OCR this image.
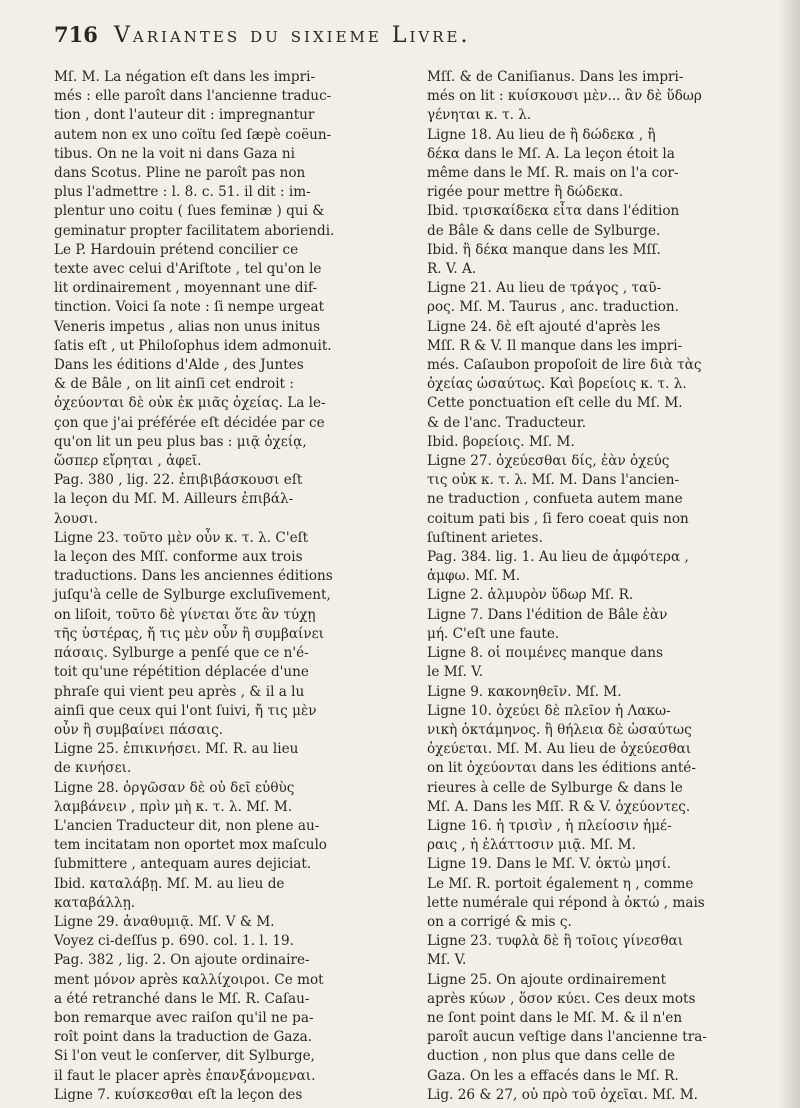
716 Variantes du sixieme Livre.

Mſ. M. La négation eſt dans les impri-

més : elle paroît dans l'ancienne traduc-

tion , dont l'auteur dit : impregnantur

autem non ex uno coïtu ſed ſæpè coëun-

tibus. On ne la voit ni dans Gaza ni

dans Scotus. Pline ne paroît pas non

plus l'admettre : l. 8. c. 51. il dit : im-

plentur uno coitu ( ſues feminæ ) qui &

geminatur propter facilitatem aboriendi.

Le P. Hardouin prétend concilier ce

texte avec celui d'Ariſtote , tel qu'on le

lit ordinairement , moyennant une dif-

tinction. Voici ſa note : ſi nempe urgeat

Veneris impetus , alias non unus initus

ſatis eſt , ut Philoſophus idem admonuit.

Dans les éditions d'Alde , des Juntes

& de Bâle , on lit ainſi cet endroit :

ὀχεύονται δὲ οὐκ ἐκ μιᾶς ὀχείας. La le-

çon que j'ai préférée eſt décidée par ce

qu'on lit un peu plus bas : μιᾷ ὀχείᾳ,

ὥσπερ εἴρηται , ἀφεῖ.

Pag. 380 , lig. 22. ἐπιβιβάσκουσι eſt

la leçon du Mſ. M. Ailleurs ἐπιβάλ-

λουσι.

Ligne 23. τοῦτο μὲν οὖν κ. τ. λ. C'eſt

la leçon des Mſſ. conforme aux trois

traductions. Dans les anciennes éditions

juſqu'à celle de Sylburge excluſivement,

on liſoit, τοῦτο δὲ γίνεται ὅτε ἂν τύχῃ

τῆς ὑστέρας, ἤ τις μὲν οὖν ἢ συμβαίνει

πάσαις. Sylburge a penſé que ce n'é-

toit qu'une répétition déplacée d'une

phraſe qui vient peu après , & il a lu

ainſi que ceux qui l'ont ſuivi, ἤ τις μὲν

οὖν ἢ συμβαίνει πάσαις.

Ligne 25. ἐπικινήσει. Mſ. R. au lieu

de κινήσει.

Ligne 28. ὀργῶσαν δὲ οὐ δεῖ εὐθὺς

λαμβάνειν , πρὶν μὴ κ. τ. λ. Mſ. M.

L'ancien Traducteur dit, non plene au-

tem incitatam non oportet mox maſculo

ſubmittere , antequam aures dejiciat.

Ibid. καταλάβῃ. Mſ. M. au lieu de

καταβάλλῃ.

Ligne 29. ἀναθυμιᾷ. Mſ. V & M.

Voyez ci-deſſus p. 690. col. 1. l. 19.

Pag. 382 , lig. 2. On ajoute ordinaire-

ment μόνον après καλλίχοιροι. Ce mot

a été retranché dans le Mſ. R. Caſau-

bon remarque avec raiſon qu'il ne pa-

roît point dans la traduction de Gaza.

Si l'on veut le conſerver, dit Sylburge,

il faut le placer après ἐπανξάνομεναι.

Ligne 7. κυίσκεσθαι eſt la leçon des

Mſſ. & de Caniſianus. Dans les impri-

més on lit : κυίσκουσι μὲν... ἂν δὲ ὕδωρ

γένηται κ. τ. λ.

Ligne 18. Au lieu de ἢ δώδεκα , ἢ

δέκα dans le Mſ. A. La leçon étoit la

même dans le Mſ. R. mais on l'a cor-

rigée pour mettre ἢ δώδεκα.

Ibid. τρισκαίδεκα εἶτα dans l'édition

de Bâle & dans celle de Sylburge.

Ibid. ἢ δέκα manque dans les Mſſ.

R. V. A.

Ligne 21. Au lieu de τράγος , ταῦ-

ρος. Mſ. M. Taurus , anc. traduction.

Ligne 24. δὲ eſt ajouté d'après les

Mſſ. R & V. Il manque dans les impri-

més. Caſaubon propoſoit de lire διὰ τὰς

ὀχείας ὡσαύτως. Καὶ βορείοις κ. τ. λ.

Cette ponctuation eſt celle du Mſ. M.

& de l'anc. Traducteur.

Ibid. βορείοις. Mſ. M.

Ligne 27. ὀχεύεσθαι δίς, ἐὰν ὀχεύς

τις οὐκ κ. τ. λ. Mſ. M. Dans l'ancien-

ne traduction , confueta autem mane

coitum pati bis , ſi fero coeat quis non

ſuſtinent arietes.

Pag. 384. lig. 1. Au lieu de ἀμφότερα ,

ἀμφω. Mſ. M.

Ligne 2. ἁλμυρὸν ὕδωρ Mſ. R.

Ligne 7. Dans l'édition de Bâle ἐὰν

μή. C'eſt une faute.

Ligne 8. οἱ ποιμένες manque dans

le Mſ. V.

Ligne 9. κακονηθεῖν. Mſ. M.

Ligne 10. ὀχεύει δὲ πλεῖον ἡ Λακω-

νικὴ ὀκτάμηνος. ἢ θήλεια δὲ ὡσαύτως

ὀχεύεται. Mſ. M. Au lieu de ὀχεύεσθαι

on lit ὀχεύονται dans les éditions anté-

rieures à celle de Sylburge & dans le

Mſ. A. Dans les Mſſ. R & V. ὀχεύοντες.

Ligne 16. ἡ τρισὶν , ἡ πλείοσιν ἡμέ-

ραις , ἡ ἐλάττοσιν μιᾷ. Mſ. M.

Ligne 19. Dans le Mſ. V. ὀκτὼ μησί.

Le Mſ. R. portoit également η , comme

lette numérale qui répond à ὀκτώ , mais

on a corrigé & mis ς.

Ligne 23. τυφλὰ δὲ ἢ τοῖοις γίνεσθαι

Mſ. V.

Ligne 25. On ajoute ordinairement

après κύων , ὅσον κύει. Ces deux mots

ne ſont point dans le Mſ. M. & il n'en

paroît aucun veſtige dans l'ancienne tra-

duction , non plus que dans celle de

Gaza. On les a effacés dans le Mſ. R.

Lig. 26 & 27, οὐ πρὸ τοῦ ὀχεῖαι. Mſ. M.
